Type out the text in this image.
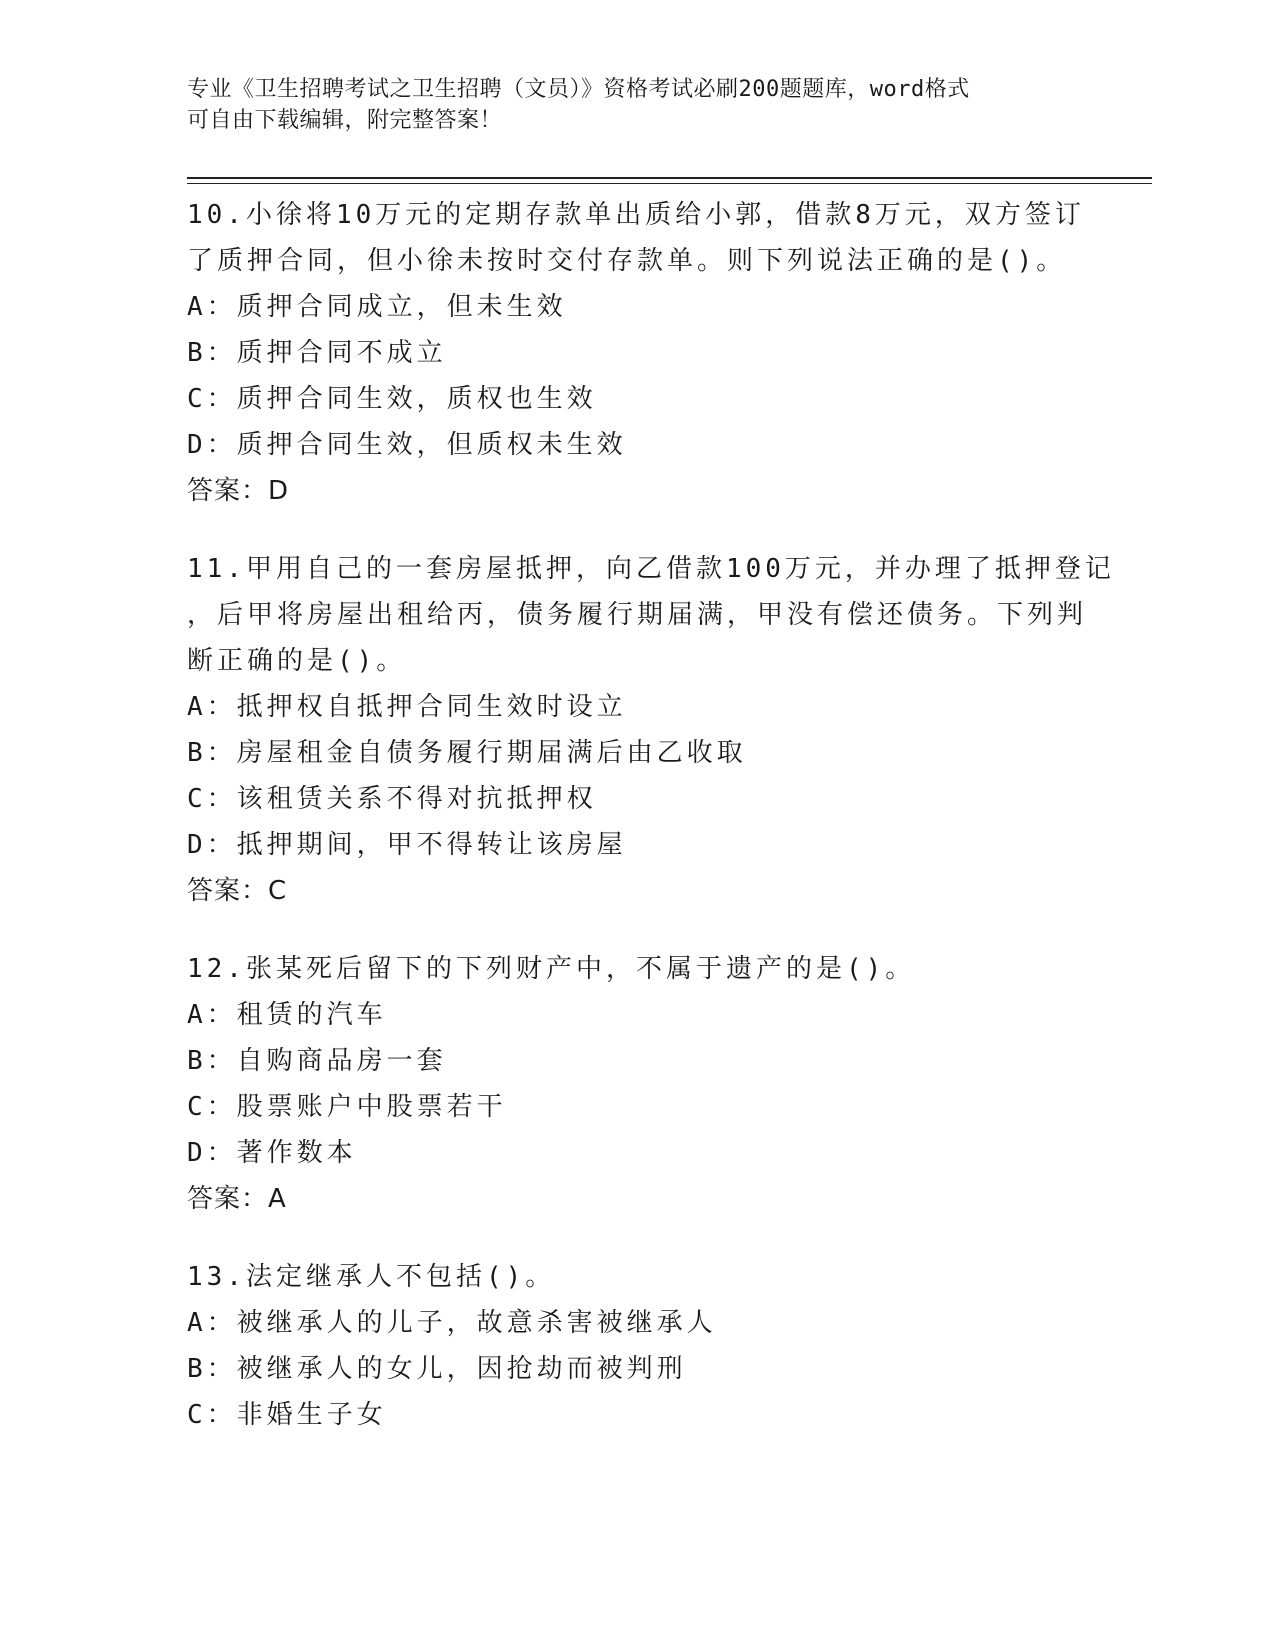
专业《卫生招聘考试之卫生招聘（文员）》资格考试必刷200题题库，word格式
可自由下载编辑，附完整答案！
10.小徐将10万元的定期存款单出质给小郭，借款8万元，双方签订
了质押合同，但小徐未按时交付存款单。则下列说法正确的是()。
A：质押合同成立，但未生效
B：质押合同不成立
C：质押合同生效，质权也生效
D：质押合同生效，但质权未生效
答案：D
11.甲用自己的一套房屋抵押，向乙借款100万元，并办理了抵押登记
，后甲将房屋出租给丙，债务履行期届满，甲没有偿还债务。下列判
断正确的是()。
A：抵押权自抵押合同生效时设立
B：房屋租金自债务履行期届满后由乙收取
C：该租赁关系不得对抗抵押权
D：抵押期间，甲不得转让该房屋
答案：C
12.张某死后留下的下列财产中，不属于遗产的是()。
A：租赁的汽车
B：自购商品房一套
C：股票账户中股票若干
D：著作数本
答案：A
13.法定继承人不包括()。
A：被继承人的儿子，故意杀害被继承人
B：被继承人的女儿，因抢劫而被判刑
C：非婚生子女
